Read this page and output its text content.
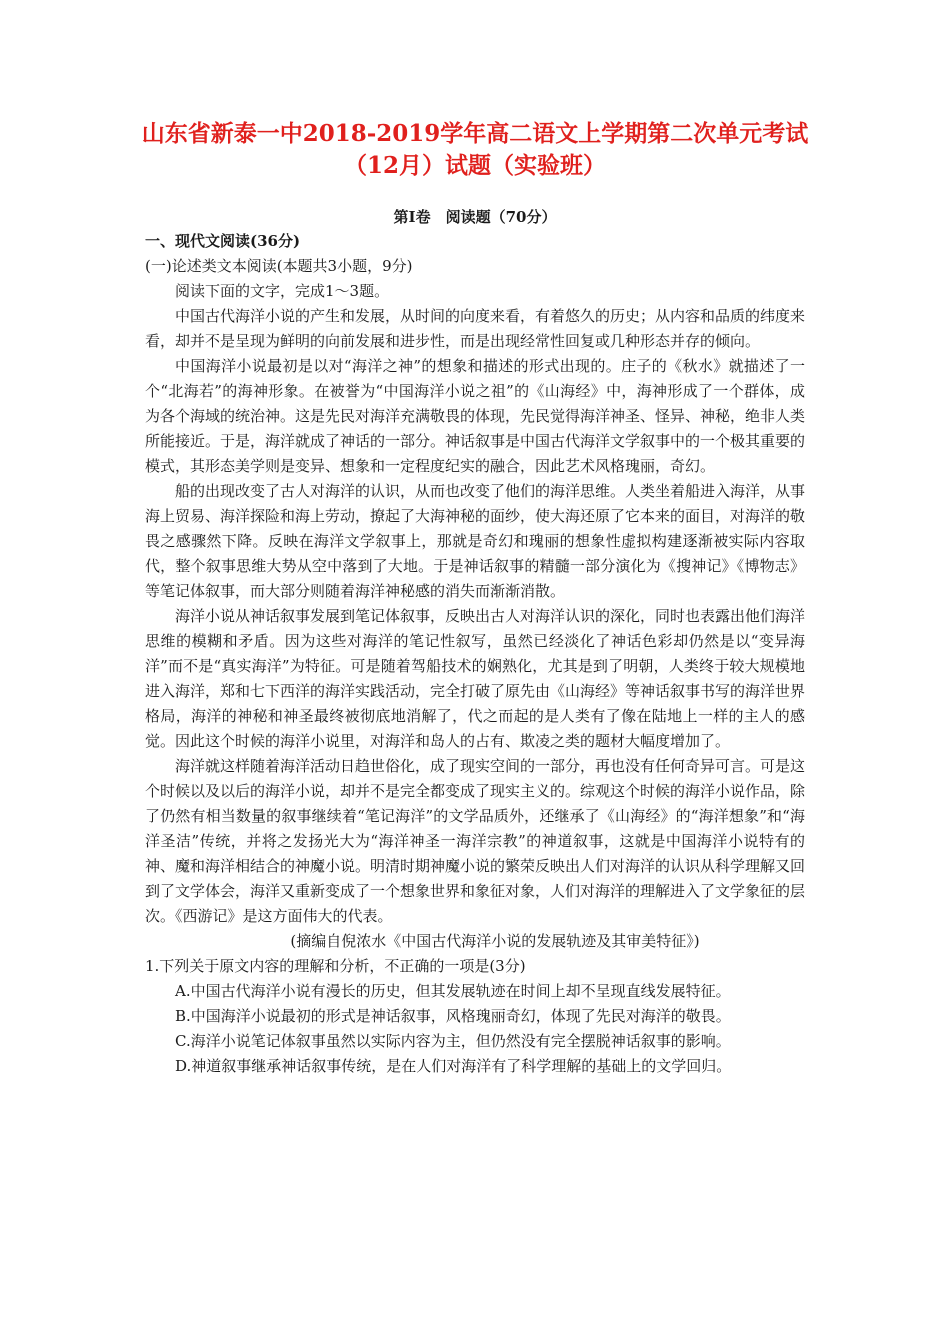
山东省新泰一中2018-2019学年高二语文上学期第二次单元考试
（12月）试题（实验班）
第Ⅰ卷　阅读题（70分）

一、现代文阅读(36分)

(一)论述类文本阅读(本题共3小题，9分)

阅读下面的文字，完成1～3题。

中国古代海洋小说的产生和发展，从时间的向度来看，有着悠久的历史；从内容和品质的纬度来看，却并不是呈现为鲜明的向前发展和进步性，而是出现经常性回复或几种形态并存的倾向。

中国海洋小说最初是以对“海洋之神”的想象和描述的形式出现的。庄子的《秋水》就描述了一个“北海若”的海神形象。在被誉为“中国海洋小说之祖”的《山海经》中，海神形成了一个群体，成为各个海域的统治神。这是先民对海洋充满敬畏的体现，先民觉得海洋神圣、怪异、神秘，绝非人类所能接近。于是，海洋就成了神话的一部分。神话叙事是中国古代海洋文学叙事中的一个极其重要的模式，其形态美学则是变异、想象和一定程度纪实的融合，因此艺术风格瑰丽，奇幻。

船的出现改变了古人对海洋的认识，从而也改变了他们的海洋思维。人类坐着船进入海洋，从事海上贸易、海洋探险和海上劳动，撩起了大海神秘的面纱，使大海还原了它本来的面目，对海洋的敬畏之感骤然下降。反映在海洋文学叙事上，那就是奇幻和瑰丽的想象性虚拟构建逐渐被实际内容取代，整个叙事思维大势从空中落到了大地。于是神话叙事的精髓一部分演化为《搜神记》《博物志》等笔记体叙事，而大部分则随着海洋神秘感的消失而渐渐消散。

海洋小说从神话叙事发展到笔记体叙事，反映出古人对海洋认识的深化，同时也表露出他们海洋思维的模糊和矛盾。因为这些对海洋的笔记性叙写，虽然已经淡化了神话色彩却仍然是以“变异海洋”而不是“真实海洋”为特征。可是随着驾船技术的娴熟化，尤其是到了明朝，人类终于较大规模地进入海洋，郑和七下西洋的海洋实践活动，完全打破了原先由《山海经》等神话叙事书写的海洋世界格局，海洋的神秘和神圣最终被彻底地消解了，代之而起的是人类有了像在陆地上一样的主人的感觉。因此这个时候的海洋小说里，对海洋和岛人的占有、欺凌之类的题材大幅度增加了。

海洋就这样随着海洋活动日趋世俗化，成了现实空间的一部分，再也没有任何奇异可言。可是这个时候以及以后的海洋小说，却并不是完全都变成了现实主义的。综观这个时候的海洋小说作品，除了仍然有相当数量的叙事继续着“笔记海洋”的文学品质外，还继承了《山海经》的“海洋想象”和“海洋圣洁”传统，并将之发扬光大为“海洋神圣一海洋宗教”的神道叙事，这就是中国海洋小说特有的神、魔和海洋相结合的神魔小说。明清时期神魔小说的繁荣反映出人们对海洋的认识从科学理解又回到了文学体会，海洋又重新变成了一个想象世界和象征对象，人们对海洋的理解进入了文学象征的层次。《西游记》是这方面伟大的代表。

(摘编自倪浓水《中国古代海洋小说的发展轨迹及其审美特征》)

1.下列关于原文内容的理解和分析，不正确的一项是(3分)

A.中国古代海洋小说有漫长的历史，但其发展轨迹在时间上却不呈现直线发展特征。

B.中国海洋小说最初的形式是神话叙事，风格瑰丽奇幻，体现了先民对海洋的敬畏。

C.海洋小说笔记体叙事虽然以实际内容为主，但仍然没有完全摆脱神话叙事的影响。

D.神道叙事继承神话叙事传统，是在人们对海洋有了科学理解的基础上的文学回归。
